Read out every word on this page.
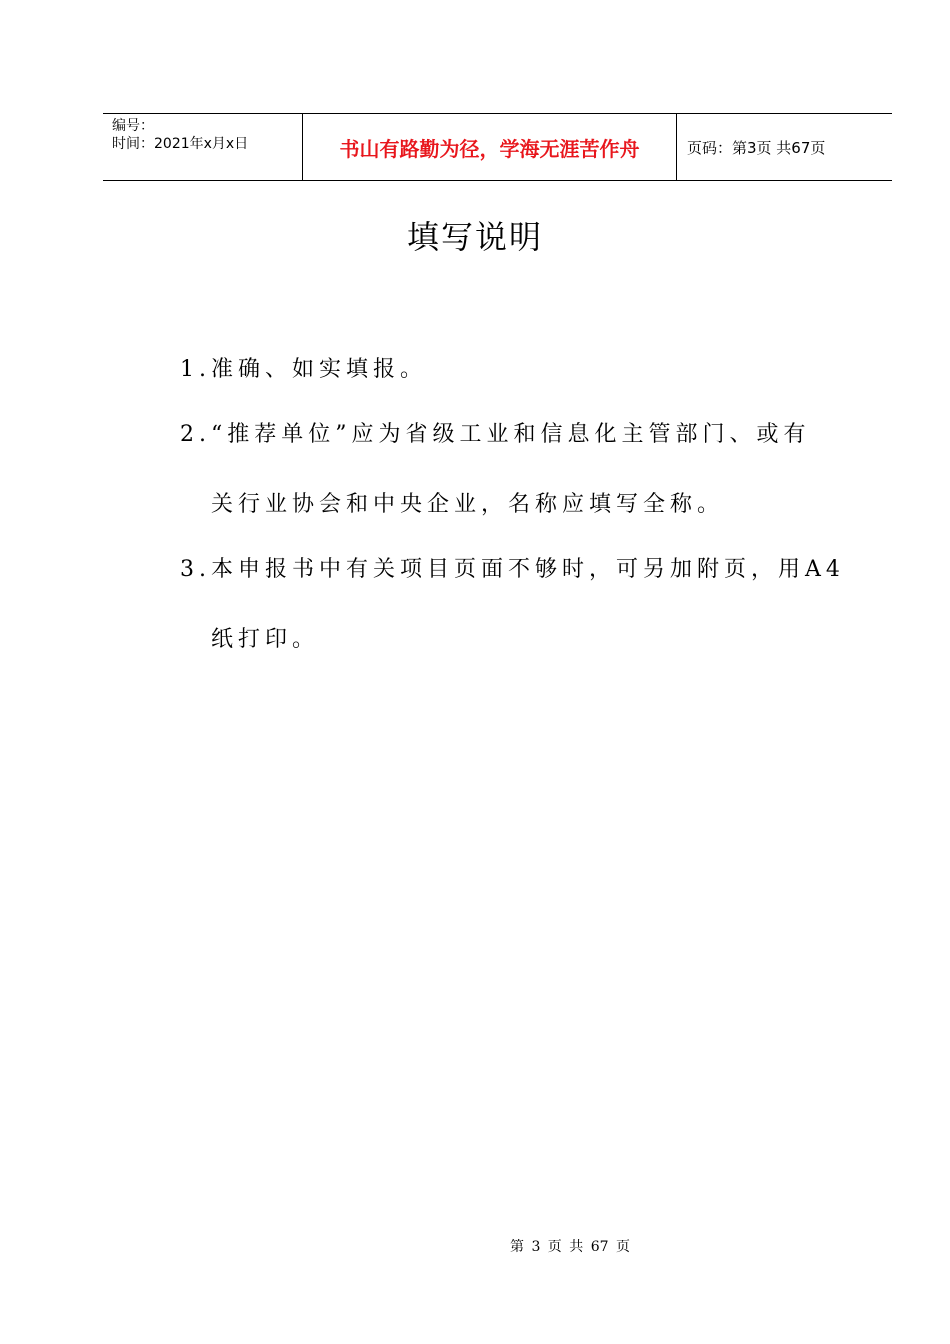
编号：
时间：2021年x月x日	书山有路勤为径，学海无涯苦作舟	页码：第3页 共67页
填写说明
1.准确、如实填报。
2.“推荐单位”应为省级工业和信息化主管部门、或有
关行业协会和中央企业，名称应填写全称。
3.本申报书中有关项目页面不够时，可另加附页，用A4
纸打印。
第 3 页 共 67 页
